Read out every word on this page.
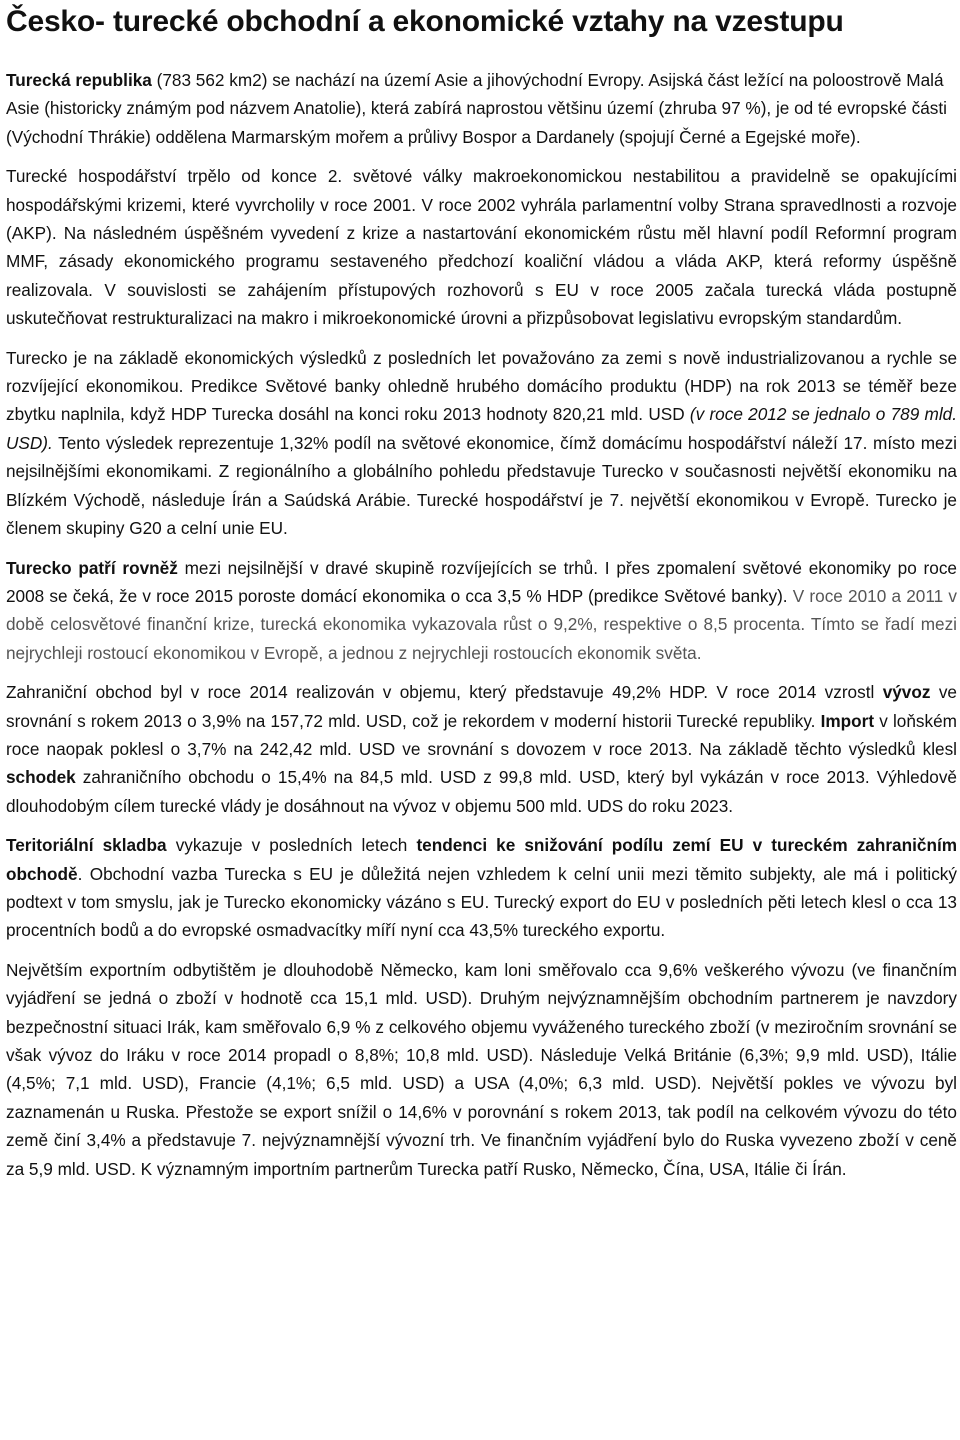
Česko- turecké obchodní a ekonomické vztahy na vzestupu

Turecká republika (783 562 km2) se nachází na území Asie a jihovýchodní Evropy. Asijská část ležící na poloostrově Malá Asie (historicky známým pod názvem Anatolie), která zabírá naprostou většinu území (zhruba 97 %), je od té evropské části (Východní Thrákie) oddělena Marmarským mořem a průlivy Bospor a Dardanely (spojují Černé a Egejské moře).

Turecké hospodářství trpělo od konce 2. světové války makroekonomickou nestabilitou a pravidelně se opakujícími hospodářskými krizemi, které vyvrcholily v roce 2001. V roce 2002 vyhrála parlamentní volby Strana spravedlnosti a rozvoje (AKP). Na následném úspěšném vyvedení z krize a nastartování ekonomickém růstu měl hlavní podíl Reformní program MMF, zásady ekonomického programu sestaveného předchozí koaliční vládou a vláda AKP, která reformy úspěšně realizovala. V souvislosti se zahájením přístupových rozhovorů s EU v roce 2005 začala turecká vláda postupně uskutečňovat restrukturalizaci na makro i mikroekonomické úrovni a přizpůsobovat legislativu evropským standardům.

Turecko je na základě ekonomických výsledků z posledních let považováno za zemi s nově industrializovanou a rychle se rozvíjející ekonomikou. Predikce Světové banky ohledně hrubého domácího produktu (HDP) na rok 2013 se téměř beze zbytku naplnila, když HDP Turecka dosáhl na konci roku 2013 hodnoty 820,21 mld. USD (v roce 2012 se jednalo o 789 mld. USD). Tento výsledek reprezentuje 1,32% podíl na světové ekonomice, čímž domácímu hospodářství náleží 17. místo mezi nejsilnějšími ekonomikami. Z regionálního a globálního pohledu představuje Turecko v současnosti největší ekonomiku na Blízkém Východě, následuje Írán a Saúdská Arábie. Turecké hospodářství je 7. největší ekonomikou v Evropě. Turecko je členem skupiny G20 a celní unie EU.

Turecko patří rovněž mezi nejsilnější v dravé skupině rozvíjejících se trhů. I přes zpomalení světové ekonomiky po roce 2008 se čeká, že v roce 2015 poroste domácí ekonomika o cca 3,5 % HDP (predikce Světové banky). V roce 2010 a 2011 v době celosvětové finanční krize, turecká ekonomika vykazovala růst o 9,2%, respektive o 8,5 procenta. Tímto se řadí mezi nejrychleji rostoucí ekonomikou v Evropě, a jednou z nejrychleji rostoucích ekonomik světa.

Zahraniční obchod byl v roce 2014 realizován v objemu, který představuje 49,2% HDP. V roce 2014 vzrostl vývoz ve srovnání s rokem 2013 o 3,9% na 157,72 mld. USD, což je rekordem v moderní historii Turecké republiky. Import v loňském roce naopak poklesl o 3,7% na 242,42 mld. USD ve srovnání s dovozem v roce 2013. Na základě těchto výsledků klesl schodek zahraničního obchodu o 15,4% na 84,5 mld. USD z 99,8 mld. USD, který byl vykázán v roce 2013. Výhledově dlouhodobým cílem turecké vlády je dosáhnout na vývoz v objemu 500 mld. UDS do roku 2023.

Teritoriální skladba vykazuje v posledních letech tendenci ke snižování podílu zemí EU v tureckém zahraničním obchodě. Obchodní vazba Turecka s EU je důležitá nejen vzhledem k celní unii mezi těmito subjekty, ale má i politický podtext v tom smyslu, jak je Turecko ekonomicky vázáno s EU. Turecký export do EU v posledních pěti letech klesl o cca 13 procentních bodů a do evropské osmadvacítky míří nyní cca 43,5% tureckého exportu.

Největším exportním odbytištěm je dlouhodobě Německo, kam loni směřovalo cca 9,6% veškerého vývozu (ve finančním vyjádření se jedná o zboží v hodnotě cca 15,1 mld. USD). Druhým nejvýznamnějším obchodním partnerem je navzdory bezpečnostní situaci Irák, kam směřovalo 6,9 % z celkového objemu vyváženého tureckého zboží (v meziročním srovnání se však vývoz do Iráku v roce 2014 propadl o 8,8%; 10,8 mld. USD). Následuje Velká Británie (6,3%; 9,9 mld. USD), Itálie (4,5%; 7,1 mld. USD), Francie (4,1%; 6,5 mld. USD) a USA (4,0%; 6,3 mld. USD). Největší pokles ve vývozu byl zaznamenán u Ruska. Přestože se export snížil o 14,6% v porovnání s rokem 2013, tak podíl na celkovém vývozu do této země činí 3,4% a představuje 7. nejvýznamnější vývozní trh. Ve finančním vyjádření bylo do Ruska vyvezeno zboží v ceně za 5,9 mld. USD. K významným importním partnerům Turecka patří Rusko, Německo, Čína, USA, Itálie či Írán.
